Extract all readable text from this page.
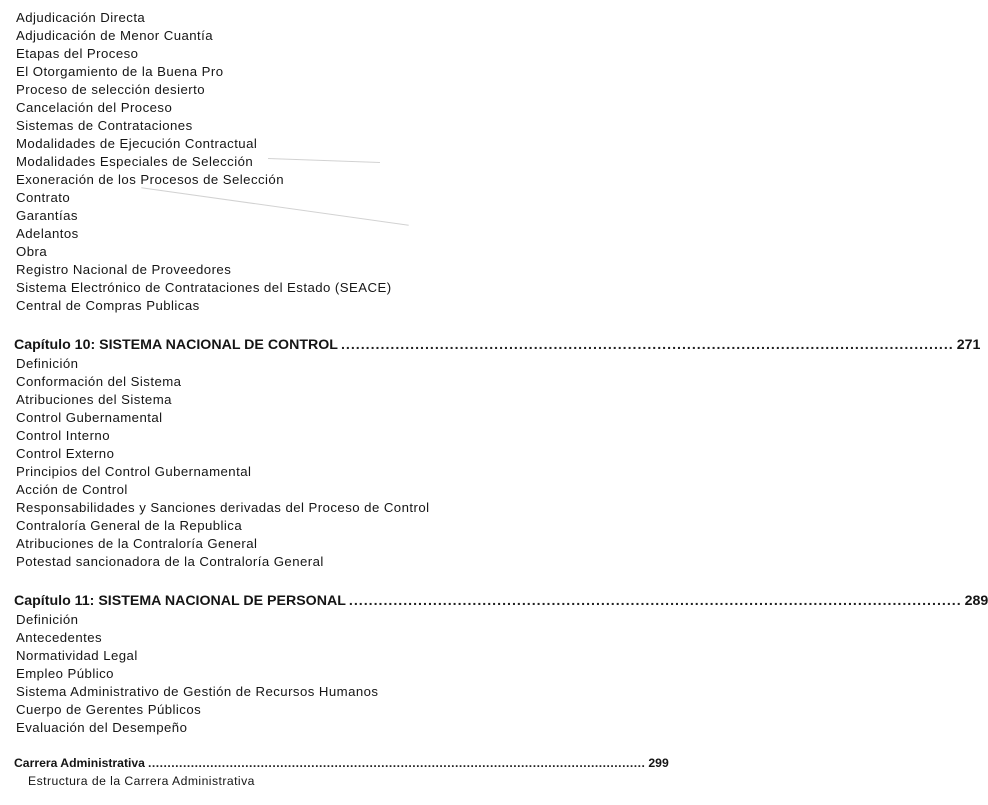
Adjudicación Directa
Adjudicación de Menor Cuantía
Etapas del Proceso
El Otorgamiento de la Buena Pro
Proceso de selección desierto
Cancelación del Proceso
Sistemas de Contrataciones
Modalidades de Ejecución Contractual
Modalidades Especiales de Selección
Exoneración de los Procesos de Selección
Contrato
Garantías
Adelantos
Obra
Registro Nacional de Proveedores
Sistema Electrónico de Contrataciones del Estado (SEACE)
Central de Compras Publicas
Capítulo 10: SISTEMA NACIONAL DE CONTROL ............................................................................................................................ 271
Definición
Conformación del Sistema
Atribuciones del Sistema
Control Gubernamental
Control Interno
Control Externo
Principios del Control Gubernamental
Acción de Control
Responsabilidades y Sanciones derivadas del Proceso de Control
Contraloría General de la Republica
Atribuciones de la Contraloría General
Potestad sancionadora de la Contraloría General
Capítulo 11: SISTEMA NACIONAL DE PERSONAL ............................................................................................................................ 289
Definición
Antecedentes
Normatividad Legal
Empleo Público
Sistema Administrativo de Gestión de Recursos Humanos
Cuerpo de Gerentes Públicos
Evaluación del Desempeño
Carrera Administrativa ................................................................................................................................ 299
Estructura de la Carrera Administrativa
